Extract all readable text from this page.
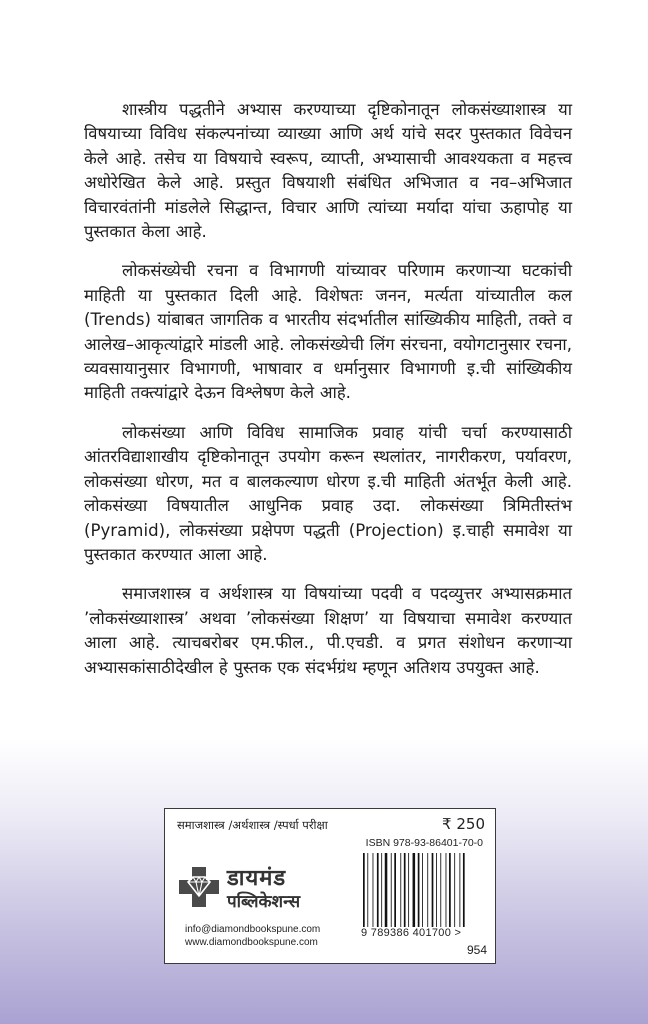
शास्त्रीय पद्धतीने अभ्यास करण्याच्या दृष्टिकोनातून लोकसंख्याशास्त्र या विषयाच्या विविध संकल्पनांच्या व्याख्या आणि अर्थ यांचे सदर पुस्तकात विवेचन केले आहे. तसेच या विषयाचे स्वरूप, व्याप्ती, अभ्यासाची आवश्यकता व महत्त्व अधोरेखित केले आहे. प्रस्तुत विषयाशी संबंधित अभिजात व नव–अभिजात विचारवंतांनी मांडलेले सिद्धान्त, विचार आणि त्यांच्या मर्यादा यांचा ऊहापोह या पुस्तकात केला आहे.

लोकसंख्येची रचना व विभागणी यांच्यावर परिणाम करणाऱ्या घटकांची माहिती या पुस्तकात दिली आहे. विशेषतः जनन, मर्त्यता यांच्यातील कल (Trends) यांबाबत जागतिक व भारतीय संदर्भातील सांख्यिकीय माहिती, तक्ते व आलेख–आकृत्यांद्वारे मांडली आहे. लोकसंख्येची लिंग संरचना, वयोगटानुसार रचना, व्यवसायानुसार विभागणी, भाषावार व धर्मानुसार विभागणी इ.ची सांख्यिकीय माहिती तक्त्यांद्वारे देऊन विश्लेषण केले आहे.

लोकसंख्या आणि विविध सामाजिक प्रवाह यांची चर्चा करण्यासाठी आंतरविद्याशाखीय दृष्टिकोनातून उपयोग करून स्थलांतर, नागरीकरण, पर्यावरण, लोकसंख्या धोरण, मत व बालकल्याण धोरण इ.ची माहिती अंतर्भूत केली आहे. लोकसंख्या विषयातील आधुनिक प्रवाह उदा. लोकसंख्या त्रिमितीस्तंभ (Pyramid), लोकसंख्या प्रक्षेपण पद्धती (Projection) इ.चाही समावेश या पुस्तकात करण्यात आला आहे.

समाजशास्त्र व अर्थशास्त्र या विषयांच्या पदवी व पदव्युत्तर अभ्यासक्रमात ’लोकसंख्याशास्त्र’ अथवा ’लोकसंख्या शिक्षण’ या विषयाचा समावेश करण्यात आला आहे. त्याचबरोबर एम.फील., पी.एचडी. व प्रगत संशोधन करणाऱ्या अभ्यासकांसाठीदेखील हे पुस्तक एक संदर्भग्रंथ म्हणून अतिशय उपयुक्त आहे.

समाजशास्त्र /अर्थशास्त्र /स्पर्धा परीक्षा	₹ 250
ISBN 978-93-86401-70-0
डायमंड
पब्लिकेशन्स
info@diamondbookspune.com
www.diamondbookspune.com
9 789386 401700 >
954
